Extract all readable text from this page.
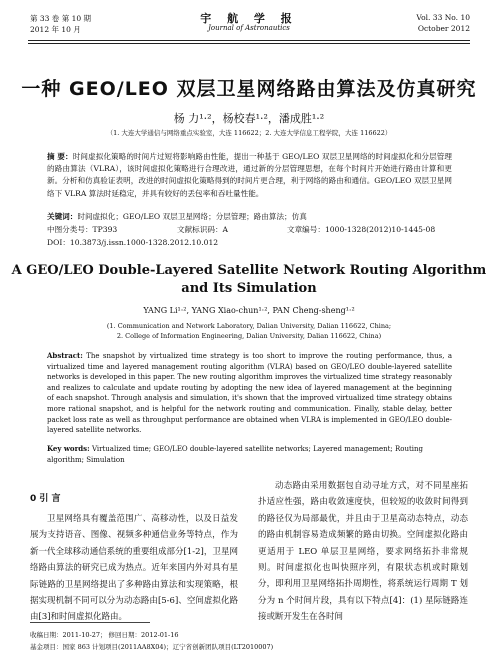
第 33 卷 第 10 期
2012 年 10 月
宇 航 学 报
Journal of Astronautics
Vol. 33 No. 10
October 2012
一种 GEO/LEO 双层卫星网络路由算法及仿真研究
杨 力¹·²，杨校春¹·²，潘成胜¹·²
（1. 大连大学通信与网络重点实验室，大连 116622；2. 大连大学信息工程学院，大连 116622）
摘 要：时间虚拟化策略的时间片过短将影响路由性能，提出一种基于 GEO/LEO 双层卫星网络的时间虚拟化和分层管理的路由算法（VLRA），该时间虚拟化策略进行合理改进，通过新的分层管理思想，在每个时间片开始进行路由计算和更新。分析和仿真验证表明，改进的时间虚拟化策略得到的时间片更合理，利于网络的路由和通信。GEO/LEO 双层卫星网络下 VLRA 算法时延稳定，并具有较好的丢包率和吞吐量性能。
关键词：时间虚拟化；GEO/LEO 双层卫星网络；分层管理；路由算法；仿真
中图分类号：TP393	文献标识码：A	文章编号：1000-1328(2012)10-1445-08
DOI：10.3873/j.issn.1000-1328.2012.10.012
A GEO/LEO Double-Layered Satellite Network Routing Algorithm
and Its Simulation
YANG Li¹·², YANG Xiao-chun¹·², PAN Cheng-sheng¹·²
(1. Communication and Network Laboratory, Dalian University, Dalian 116622, China;
2. College of Information Engineering, Dalian University, Dalian 116622, China)
Abstract: The snapshot by virtualized time strategy is too short to improve the routing performance, thus, a virtualized time and layered management routing algorithm (VLRA) based on GEO/LEO double-layered satellite networks is developed in this paper. The new routing algorithm improves the virtualized time strategy reasonably and realizes to calculate and update routing by adopting the new idea of layered management at the beginning of each snapshot. Through analysis and simulation, it's shown that the improved virtualized time strategy obtains more rational snapshot, and is helpful for the network routing and communication. Finally, stable delay, better packet loss rate as well as throughput performance are obtained when VLRA is implemented in GEO/LEO double-layered satellite networks.
Key words: Virtualized time; GEO/LEO double-layered satellite networks; Layered management; Routing algorithm; Simulation
0 引 言
卫星网络具有覆盖范围广、高移动性，以及日益发展为支持语音、图像、视频多种通信业务等特点，作为新一代全球移动通信系统的重要组成部分[1-2]，卫星网络路由算法的研究已成为热点。近年来国内外对具有星际链路的卫星网络提出了多种路由算法和实现策略，根据实现机制不同可以分为动态路由[5-6]、空间虚拟化路由[3]和时间虚拟化路由。
动态路由采用数据包自动寻址方式，对不同星座拓扑适应性强，路由收敛速度快，但较短的收敛时间得到的路径仅为局部最优，并且由于卫星高动态特点，动态的路由机制容易造成频繁的路由切换。空间虚拟化路由更适用于 LEO 单层卫星网络，要求网络拓扑非常规则。时间虚拟化也叫快照序列，有限状态机或时隙划分，即利用卫星网络拓扑周期性，将系统运行周期 T 划分为 n 个时间片段，具有以下特点[4]：(1) 星际链路连接或断开发生在各时间
收稿日期：2011-10-27； 修回日期：2012-01-16
基金项目：国家 863 计划项目(2011AA8X04)；辽宁省创新团队项目(LT2010007)
